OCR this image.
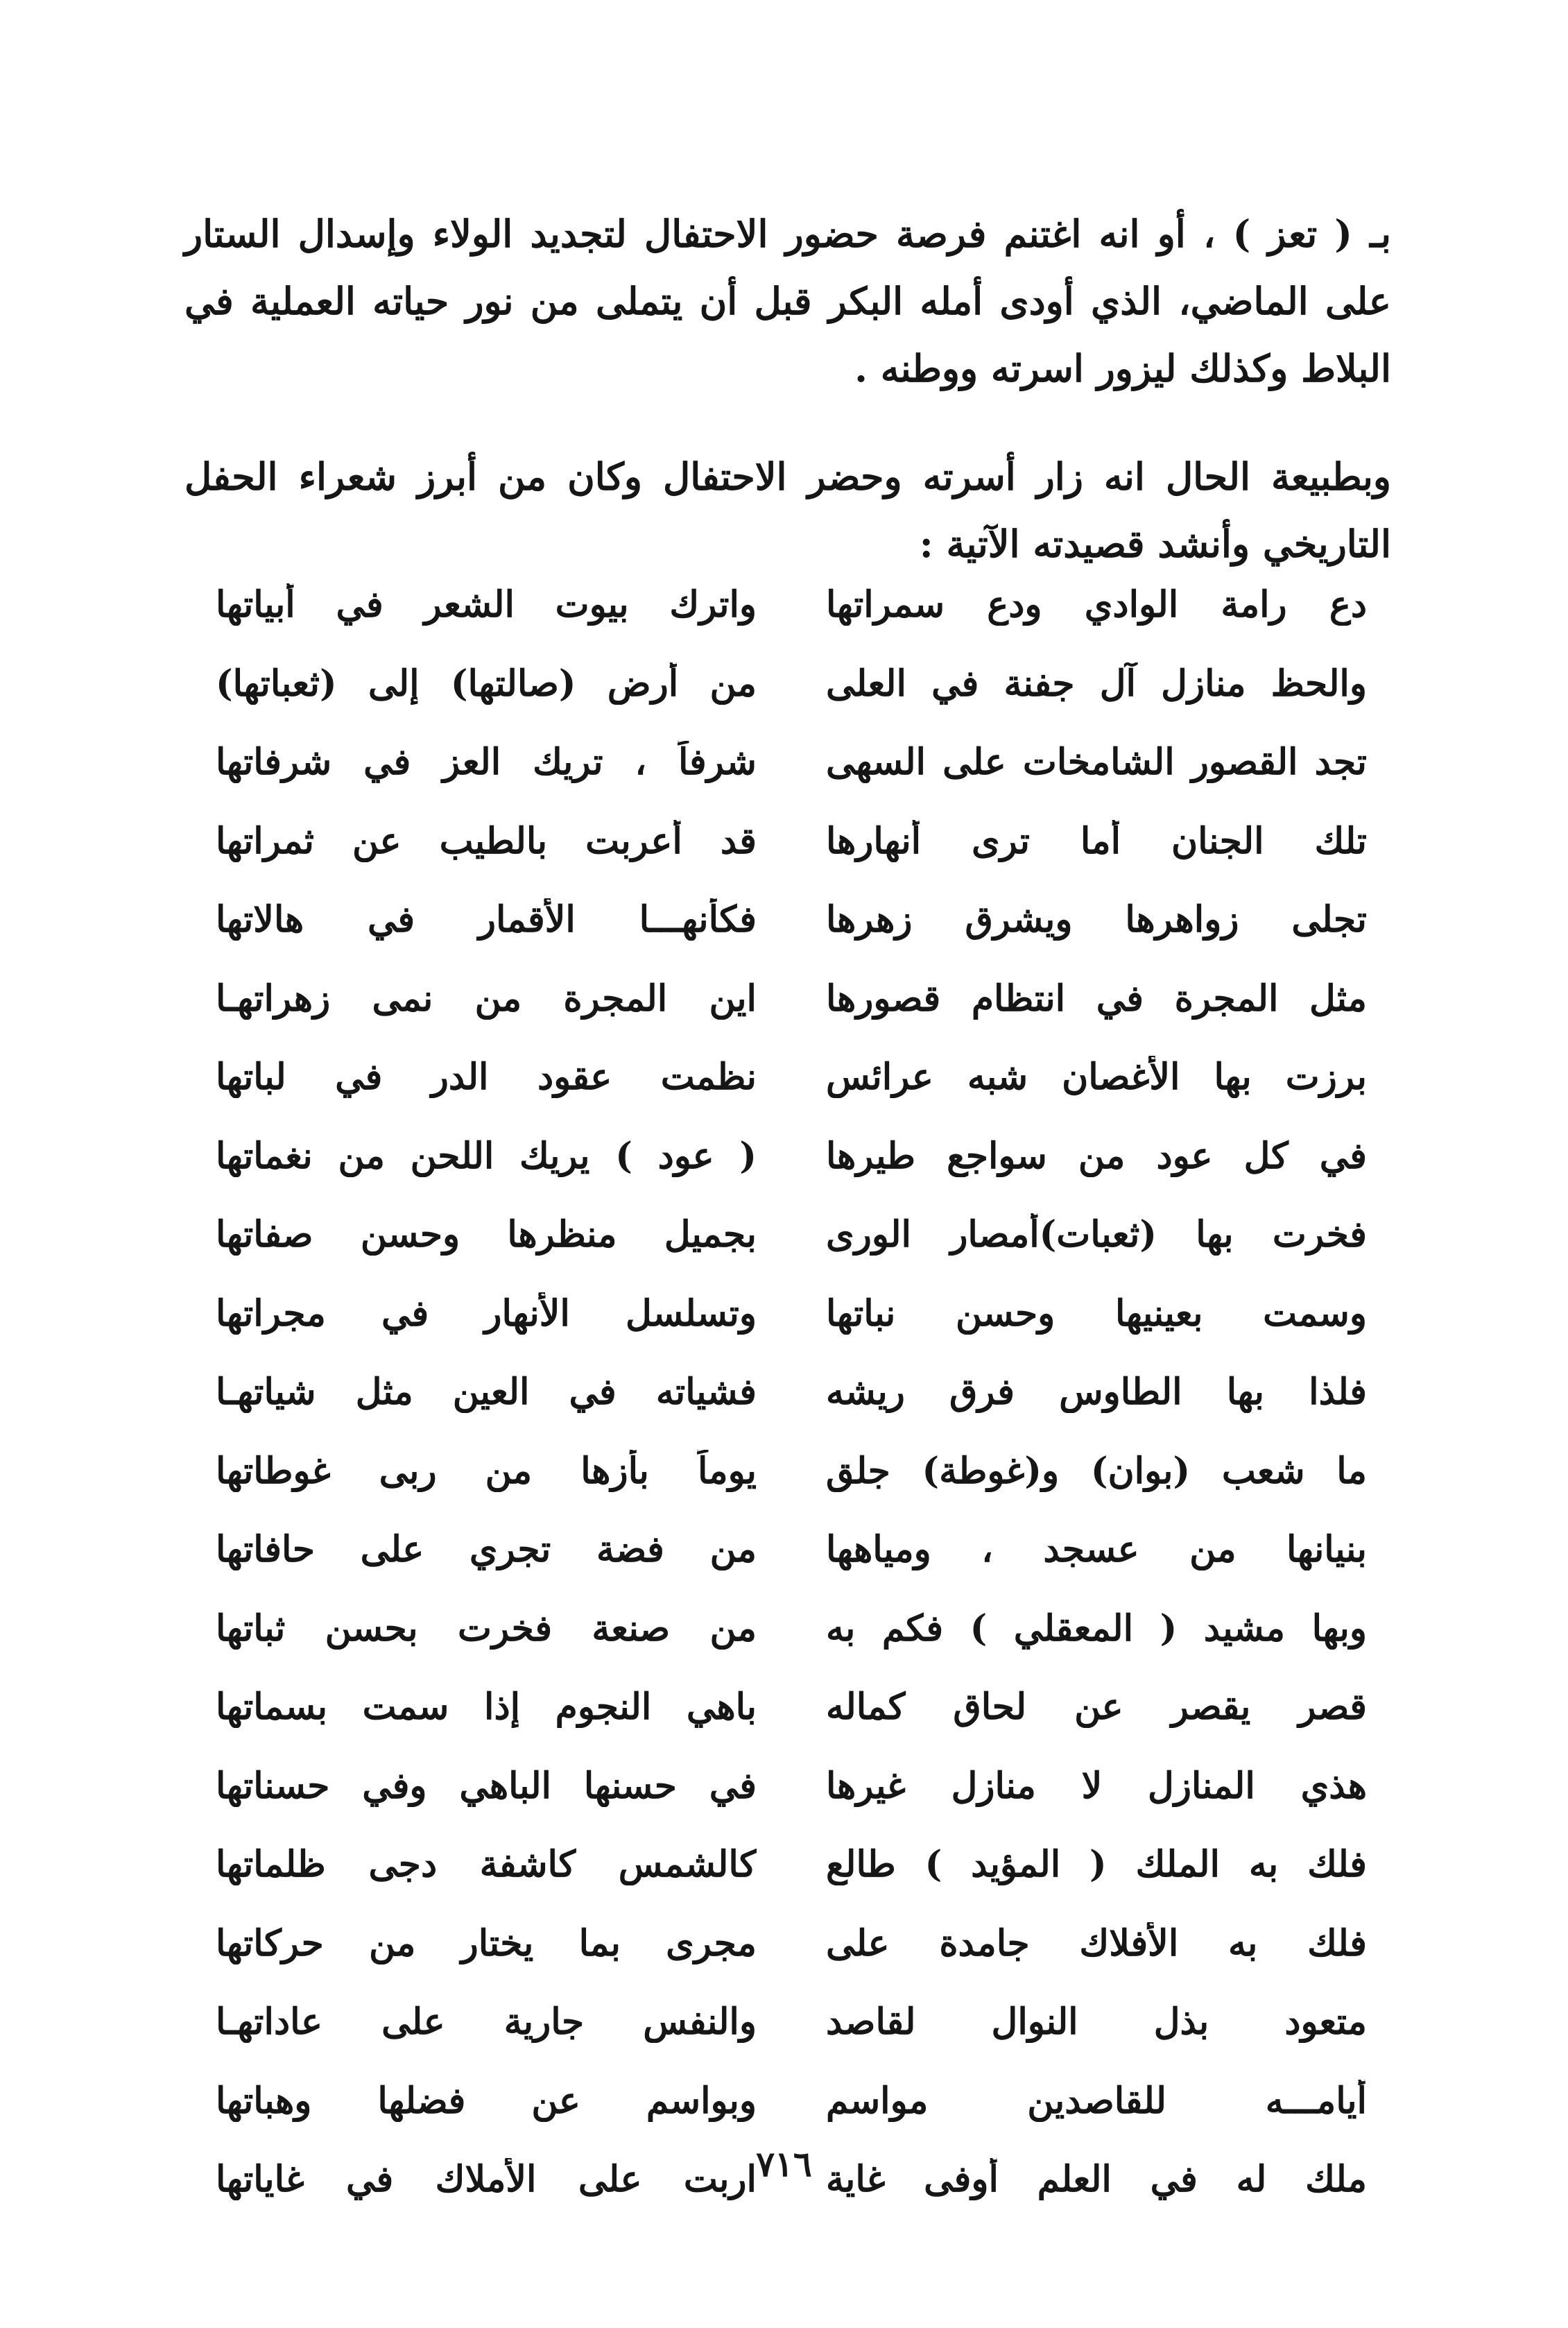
بـ ( تعز ) ، أو انه اغتنم فرصة حضور الاحتفال لتجديد الولاء وإسدال الستار على الماضي، الذي أودى أمله البكر قبل أن يتملى من نور حياته العملية في البلاط وكذلك ليزور اسرته ووطنه .

وبطبيعة الحال انه زار أسرته وحضر الاحتفال وكان من أبرز شعراء الحفل التاريخي وأنشد قصيدته الآتية :

دع رامة الوادي ودع سمراتها
واترك بيوت الشعر في أبياتها
والحظ منازل آل جفنة في العلى
من أرض (صالتها) إلى (ثعباتها)
تجد القصور الشامخات على السهى
شرفاً ، تريك العز في شرفاتها
تلك الجنان أما ترى أنهارها
قد أعربت بالطيب عن ثمراتها
تجلى زواهرها ويشرق زهرها
فكأنهـــا الأقمار في هالاتها
مثل المجرة في انتظام قصورها
اين المجرة من نمى زهراتهـا
برزت بها الأغصان شبه عرائس
نظمت عقود الدر في لباتها
في كل عود من سواجع طيرها
( عود ) يريك اللحن من نغماتها
فخرت بها (ثعبات)أمصار الورى
بجميل منظرها وحسن صفاتها
وسمت بعينيها وحسن نباتها
وتسلسل الأنهار في مجراتها
فلذا بها الطاوس فرق ريشه
فشياته في العين مثل شياتهـا
ما شعب (بوان) و(غوطة) جلق
يوماً بأزها من ربى غوطاتها
بنيانها من عسجد ، ومياهها
من فضة تجري على حافاتها
وبها مشيد ( المعقلي ) فكم به
من صنعة فخرت بحسن ثباتها
قصر يقصر عن لحاق كماله
باهي النجوم إذا سمت بسماتها
هذي المنازل لا منازل غيرها
في حسنها الباهي وفي حسناتها
فلك به الملك ( المؤيد ) طالع
كالشمس كاشفة دجى ظلماتها
فلك به الأفلاك جامدة على
مجرى بما يختار من حركاتها
متعود بذل النوال لقاصد
والنفس جارية على عاداتهـا
أيامـــه للقاصدين مواسم
وبواسم عن فضلها وهباتها
ملك له في العلم أوفى غاية
اربت على الأملاك في غاياتها ٧١٦
